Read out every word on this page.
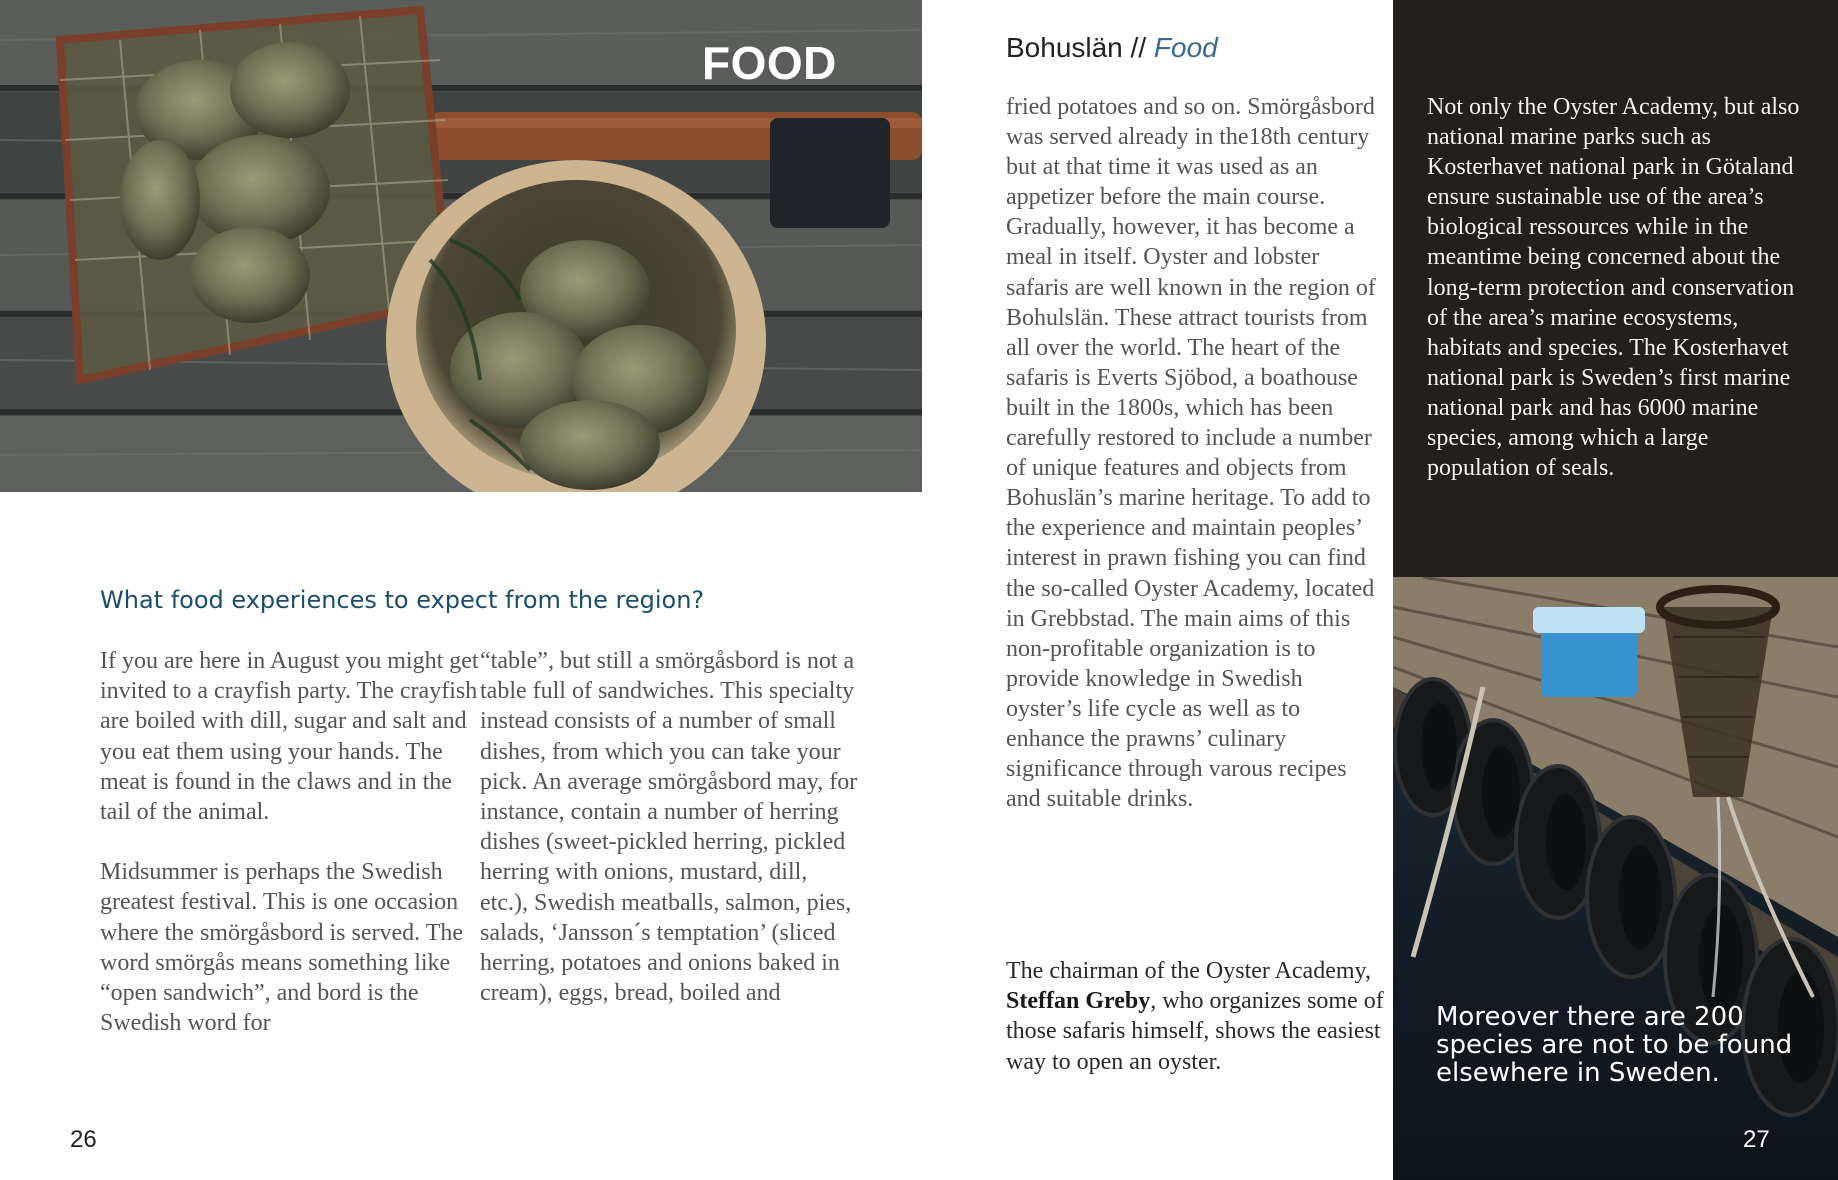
FOOD
What food experiences to expect from the region?

If you are here in August you might get invited to a crayfish party. The crayfish are boiled with dill, sugar and salt and you eat them using your hands. The meat is found in the claws and in the tail of the animal.

Midsummer is perhaps the Swedish greatest festival. This is one occasion where the smörgåsbord is served. The word smörgås means something like “open sandwich”, and bord is the Swedish word for

“table”, but still a smörgåsbord is not a table full of sandwiches. This specialty instead consists of a number of small dishes, from which you can take your pick. An average smörgåsbord may, for instance, contain a number of herring dishes (sweet-pickled herring, pickled herring with onions, mustard, dill, etc.), Swedish meatballs, salmon, pies, salads, ‘Jansson´s temptation’ (sliced herring, potatoes and onions baked in cream), eggs, bread, boiled and

26
Bohuslän // Food
fried potatoes and so on. Smörgåsbord was served already in the18th century but at that time it was used as an appetizer before the main course. Gradually, however, it has become a meal in itself. Oyster and lobster safaris are well known in the region of Bohulslän. These attract tourists from all over the world. The heart of the safaris is Everts Sjöbod, a boathouse built in the 1800s, which has been carefully restored to include a number of unique features and objects from Bohuslän’s marine heritage. To add to the experience and maintain peoples’ interest in prawn fishing you can find the so-called Oyster Academy, located in Grebbstad. The main aims of this non-profitable organization is to provide knowledge in Swedish oyster’s life cycle as well as to enhance the prawns’ culinary significance through varous recipes and suitable drinks.
The chairman of the Oyster Academy, Steffan Greby, who organizes some of those safaris himself, shows the easiest way to open an oyster.
Not only the Oyster Academy, but also national marine parks such as Kosterhavet national park in Götaland ensure sustainable use of the area’s biological ressources while in the meantime being concerned about the long-term protection and conservation of the area’s marine ecosystems, habitats and species. The Kosterhavet national park is Sweden’s first marine national park and has 6000 marine species, among which a large population of seals.
Moreover there are 200 species are not to be found elsewhere in Sweden.
27
